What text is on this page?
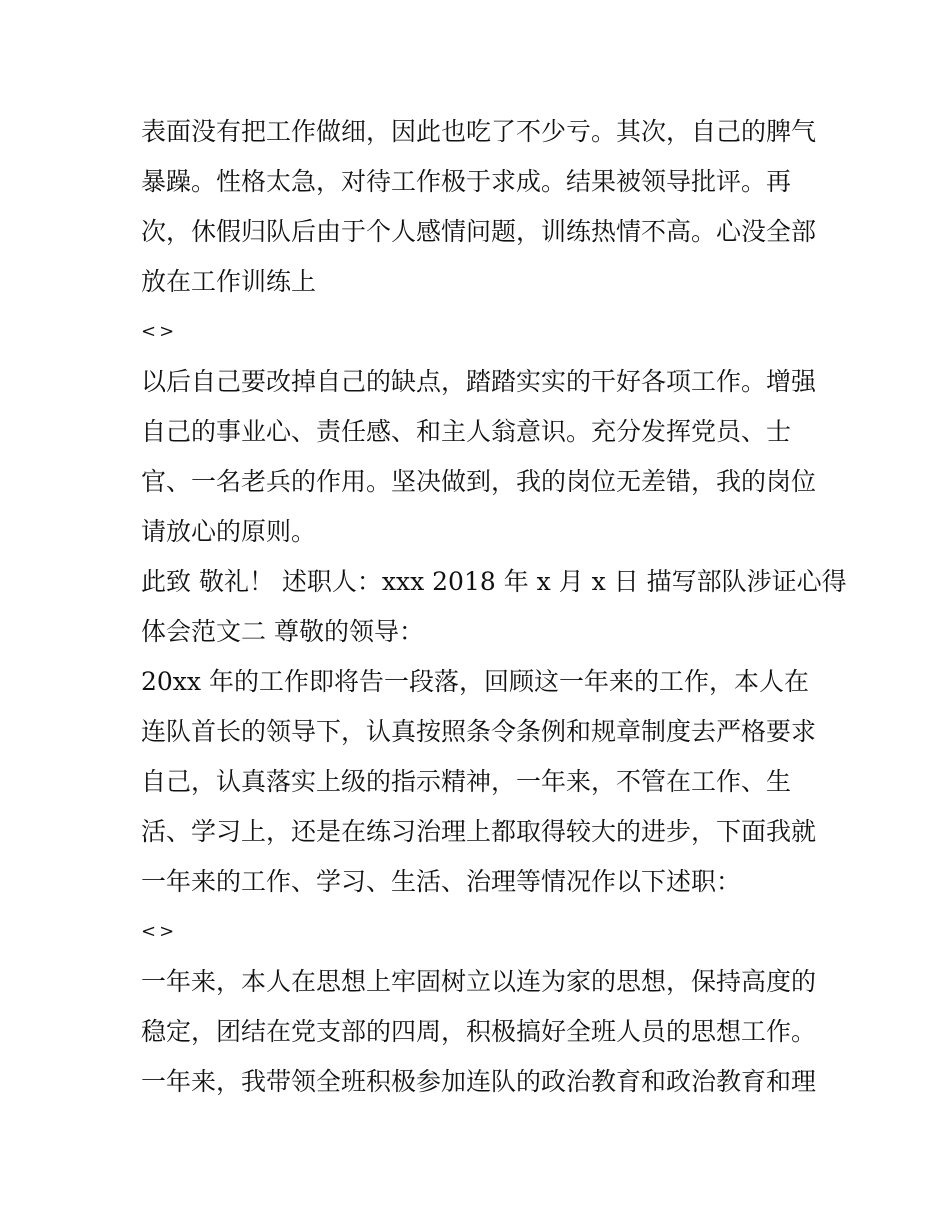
表面没有把工作做细，因此也吃了不少亏。其次，自己的脾气
暴躁。性格太急，对待工作极于求成。结果被领导批评。再
次，休假归队后由于个人感情问题，训练热情不高。心没全部
放在工作训练上
<>
以后自己要改掉自己的缺点，踏踏实实的干好各项工作。增强
自己的事业心、责任感、和主人翁意识。充分发挥党员、士
官、一名老兵的作用。坚决做到，我的岗位无差错，我的岗位
请放心的原则。
此致 敬礼！ 述职人：xxx 2018 年 x 月 x 日 描写部队涉证心得
体会范文二 尊敬的领导：
20xx 年的工作即将告一段落，回顾这一年来的工作，本人在
连队首长的领导下，认真按照条令条例和规章制度去严格要求
自己，认真落实上级的指示精神，一年来，不管在工作、生
活、学习上，还是在练习治理上都取得较大的进步，下面我就
一年来的工作、学习、生活、治理等情况作以下述职：
<>
一年来，本人在思想上牢固树立以连为家的思想，保持高度的
稳定，团结在党支部的四周，积极搞好全班人员的思想工作。
一年来，我带领全班积极参加连队的政治教育和政治教育和理
